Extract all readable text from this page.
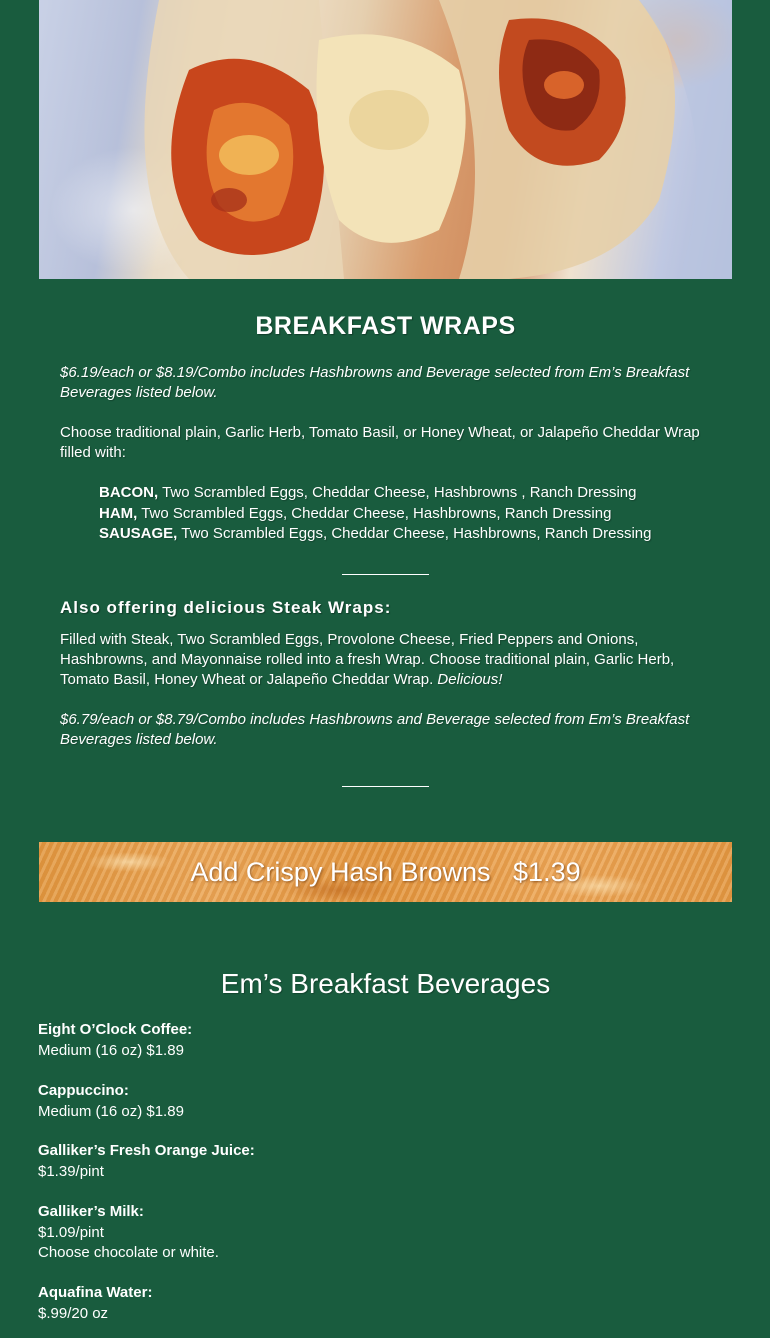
BREAKFAST WRAPS
$6.19/each or $8.19/Combo includes Hashbrowns and Beverage selected from Em’s Breakfast Beverages listed below.
Choose traditional plain, Garlic Herb, Tomato Basil, or Honey Wheat, or Jalapeño Cheddar Wrap filled with:
BACON, Two Scrambled Eggs, Cheddar Cheese, Hashbrowns , Ranch Dressing
HAM, Two Scrambled Eggs, Cheddar Cheese, Hashbrowns, Ranch Dressing
SAUSAGE, Two Scrambled Eggs, Cheddar Cheese, Hashbrowns, Ranch Dressing
Also offering delicious Steak Wraps:
Filled with Steak, Two Scrambled Eggs, Provolone Cheese, Fried Peppers and Onions, Hashbrowns, and Mayonnaise rolled into a fresh Wrap. Choose traditional plain, Garlic Herb, Tomato Basil, Honey Wheat or Jalapeño Cheddar Wrap. Delicious!
$6.79/each or $8.79/Combo includes Hashbrowns and Beverage selected from Em’s Breakfast Beverages listed below.
Add Crispy Hash Browns
$1.39
Em’s Breakfast Beverages
Eight O’Clock Coffee:
Medium (16 oz) $1.89
Cappuccino:
Medium (16 oz) $1.89
Galliker’s Fresh Orange Juice:
$1.39/pint
Galliker’s Milk:
$1.09/pint
Choose chocolate or white.
Aquafina Water:
$.99/20 oz
